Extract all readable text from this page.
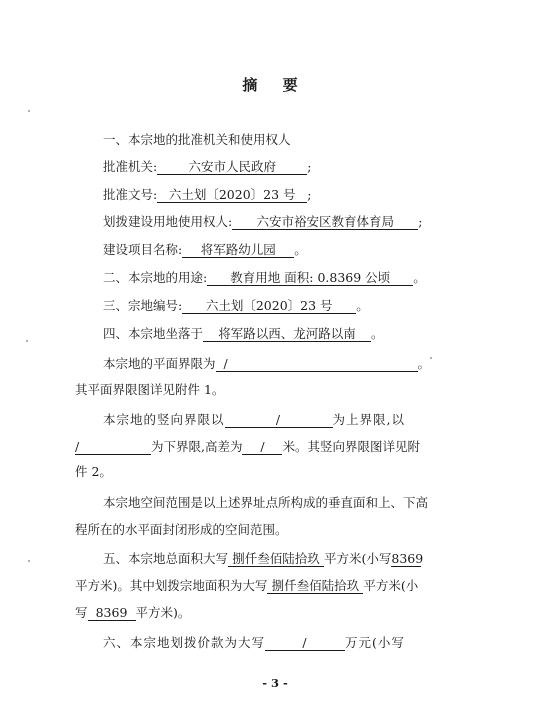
摘 要
一、本宗地的批准机关和使用权人
批准机关: 六安市人民政府	;
批准文号: 六土划〔2020〕23 号 ;
划拨建设用地使用权人: 六安市裕安区教育体育局 ;
建设项目名称: 将军路幼儿园 。
二、本宗地的用途: 教育用地 面积: 0.8369 公顷 。
三、宗地编号: 六土划〔2020〕23 号 。
四、本宗地坐落于 将军路以西、龙河路以南 。
本宗地的平面界限为 /	。
其平面界限图详见附件 1。
本宗地的竖向界限以	/	为上界限,以
/	为下界限,高差为 / 米。其竖向界限图详见附
件 2。
本宗地空间范围是以上述界址点所构成的垂直面和上、下高
程所在的水平面封闭形成的空间范围。
五、本宗地总面积大写 捌仟叁佰陆拾玖 平方米(小写8369
平方米)。其中划拨宗地面积为大写 捌仟叁佰陆拾玖 平方米(小
写 8369 平方米)。
六、本宗地划拨价款为大写	/	万元(小写
- 3 -
